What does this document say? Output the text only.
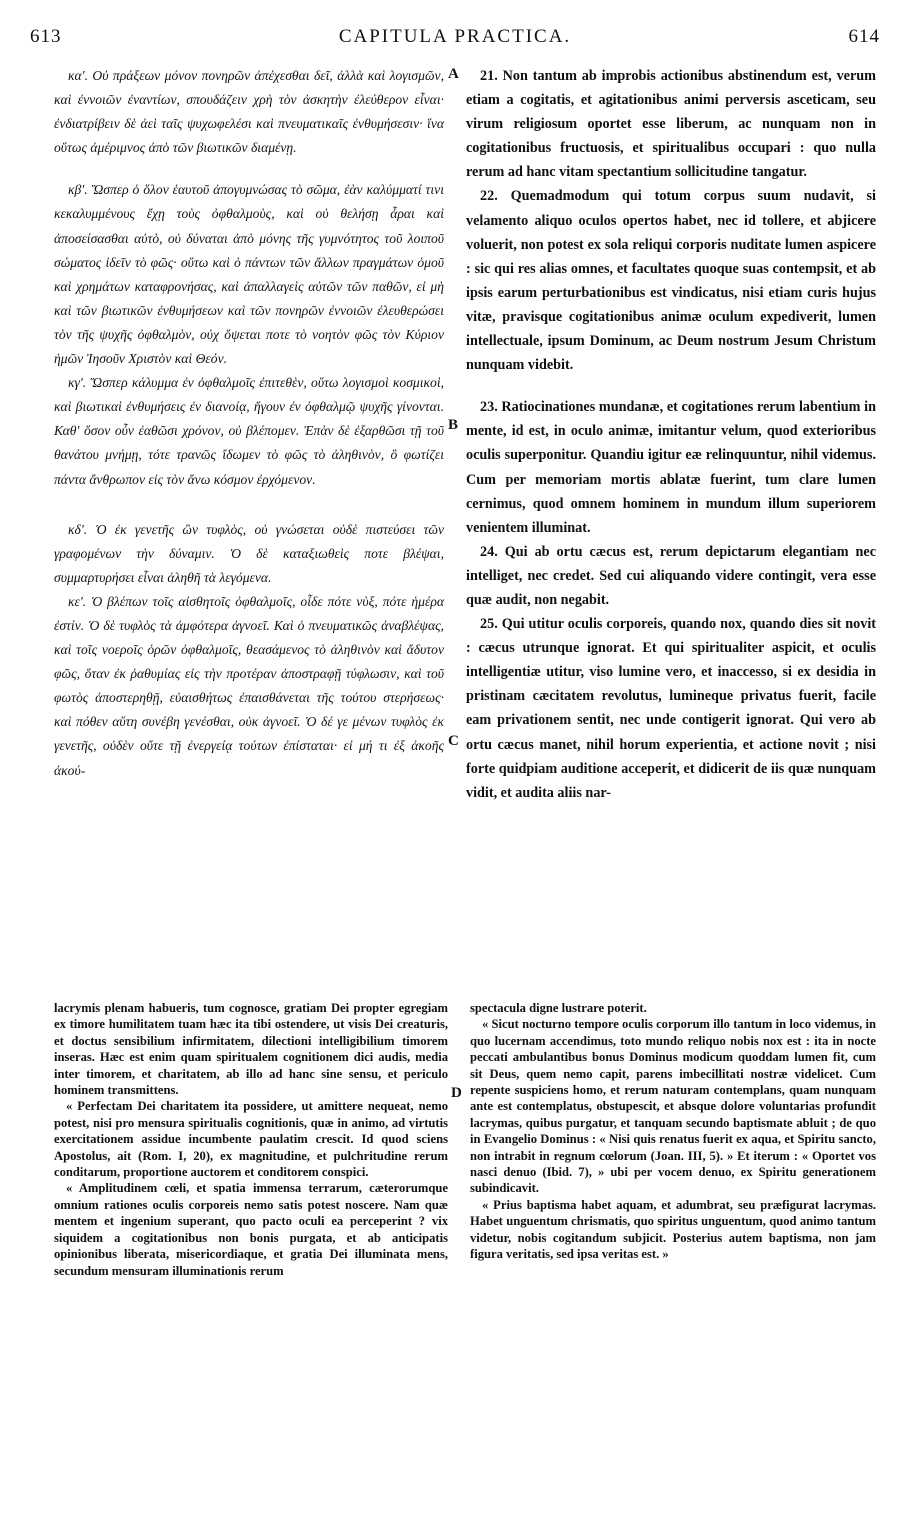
613	CAPITULA PRACTICA.	614

κα'. Οὐ πράξεων μόνον πονηρῶν ἀπέχεσθαι δεῖ, ἀλλὰ καὶ λογισμῶν, καὶ ἐννοιῶν ἐναντίων, σπουδάζειν χρὴ τὸν ἀσκητὴν ἐλεύθερον εἶναι· ἐνδιατρίβειν δὲ ἀεὶ ταῖς ψυχωφελέσι καὶ πνευματικαῖς ἐνθυμήσεσιν· ἵνα οὕτως ἀμέριμνος ἀπὸ τῶν βιωτικῶν διαμένῃ.

κβ'. Ὥσπερ ὁ ὅλον ἑαυτοῦ ἀπογυμνώσας τὸ σῶμα, ἐὰν καλύμματί τινι κεκαλυμμένους ἔχῃ τοὺς ὀφθαλμοὺς, καὶ οὐ θελήσῃ ἆραι καὶ ἀποσείσασθαι αὐτὸ, οὐ δύναται ἀπὸ μόνης τῆς γυμνότητος τοῦ λοιποῦ σώματος ἰδεῖν τὸ φῶς· οὕτω καὶ ὁ πάντων τῶν ἄλλων πραγμάτων ὁμοῦ καὶ χρημάτων καταφρονήσας, καὶ ἀπαλλαγεὶς αὐτῶν τῶν παθῶν, εἰ μὴ καὶ τῶν βιωτικῶν ἐνθυμήσεων καὶ τῶν πονηρῶν ἐννοιῶν ἐλευθερώσει τὸν τῆς ψυχῆς ὀφθαλμὸν, οὐχ ὄψεται ποτε τὸ νοητὸν φῶς τὸν Κύριον ἡμῶν Ἰησοῦν Χριστὸν καὶ Θεόν.

κγ'. Ὥσπερ κάλυμμα ἐν ὀφθαλμοῖς ἐπιτεθὲν, οὕτω λογισμοὶ κοσμικοὶ, καὶ βιωτικαὶ ἐνθυμήσεις ἐν διανοίᾳ, ἤγουν ἐν ὀφθαλμῷ ψυχῆς γίνονται. Καθ' ὅσον οὖν ἐαθῶσι χρόνον, οὐ βλέπομεν. Ἐπὰν δὲ ἐξαρθῶσι τῇ τοῦ θανάτου μνήμῃ, τότε τρανῶς ἴδωμεν τὸ φῶς τὸ ἀληθινὸν, ὃ φωτίζει πάντα ἄνθρωπον εἰς τὸν ἄνω κόσμον ἐρχόμενον.

κδ'. Ὁ ἐκ γενετῆς ὢν τυφλὸς, οὐ γνώσεται οὐδὲ πιστεύσει τῶν γραφομένων τὴν δύναμιν. Ὁ δὲ καταξιωθεὶς ποτε βλέψαι, συμμαρτυρήσει εἶναι ἀληθῆ τὰ λεγόμενα.

κε'. Ὁ βλέπων τοῖς αἰσθητοῖς ὀφθαλμοῖς, οἶδε πότε νὺξ, πότε ἡμέρα ἐστίν. Ὁ δὲ τυφλὸς τὰ ἀμφότερα ἀγνοεῖ. Καὶ ὁ πνευματικῶς ἀναβλέψας, καὶ τοῖς νοεροῖς ὁρῶν ὀφθαλμοῖς, θεασάμενος τὸ ἀληθινὸν καὶ ἄδυτον φῶς, ὅταν ἐκ ῥαθυμίας εἰς τὴν προτέραν ἀποστραφῇ τύφλωσιν, καὶ τοῦ φωτὸς ἀποστερηθῇ, εὐαισθήτως ἐπαισθάνεται τῆς τούτου στερήσεως· καὶ πόθεν αὕτη συνέβη γενέσθαι, οὐκ ἀγνοεῖ. Ὁ δέ γε μένων τυφλὸς ἐκ γενετῆς, οὐδὲν οὔτε τῇ ἐνεργείᾳ τούτων ἐπίσταται· εἰ μή τι ἐξ ἀκοῆς ἀκού-

21. Non tantum ab improbis actionibus abstinendum est, verum etiam a cogitatis, et agitationibus animi perversis asceticam, seu virum religiosum oportet esse liberum, ac nunquam non in cogitationibus fructuosis, et spiritualibus occupari : quo nulla rerum ad hanc vitam spectantium sollicitudine tangatur.

22. Quemadmodum qui totum corpus suum nudavit, si velamento aliquo oculos opertos habet, nec id tollere, et abjicere voluerit, non potest ex sola reliqui corporis nuditate lumen aspicere : sic qui res alias omnes, et facultates quoque suas contempsit, et ab ipsis earum perturbationibus est vindicatus, nisi etiam curis hujus vitæ, pravisque cogitationibus animæ oculum expediverit, lumen intellectuale, ipsum Dominum, ac Deum nostrum Jesum Christum nunquam videbit.

23. Ratiocinationes mundanæ, et cogitationes rerum labentium in mente, id est, in oculo animæ, imitantur velum, quod exterioribus oculis superponitur. Quandiu igitur eæ relinquuntur, nihil videmus. Cum per memoriam mortis ablatæ fuerint, tum clare lumen cernimus, quod omnem hominem in mundum illum superiorem venientem illuminat.

24. Qui ab ortu cæcus est, rerum depictarum elegantiam nec intelliget, nec credet. Sed cui aliquando videre contingit, vera esse quæ audit, non negabit.

25. Qui utitur oculis corporeis, quando nox, quando dies sit novit : cæcus utrunque ignorat. Et qui spiritualiter aspicit, et oculis intelligentiæ utitur, viso lumine vero, et inaccesso, si ex desidia in pristinam cæcitatem revolutus, lumineque privatus fuerit, facile eam privationem sentit, nec unde contigerit ignorat. Qui vero ab ortu cæcus manet, nihil horum experientia, et actione novit ; nisi forte quidpiam auditione acceperit, et didicerit de iis quæ nunquam vidit, et audita aliis nar-

A
B
C
D

lacrymis plenam habueris, tum cognosce, gratiam Dei propter egregiam ex timore humilitatem tuam hæc ita tibi ostendere, ut visis Dei creaturis, et doctus sensibilium infirmitatem, dilectioni intelligibilium timorem inseras. Hæc est enim quam spiritualem cognitionem dici audis, media inter timorem, et charitatem, ab illo ad hanc sine sensu, et periculo hominem transmittens.

« Perfectam Dei charitatem ita possidere, ut amittere nequeat, nemo potest, nisi pro mensura spiritualis cognitionis, quæ in animo, ad virtutis exercitationem assidue incumbente paulatim crescit. Id quod sciens Apostolus, ait (Rom. I, 20), ex magnitudine, et pulchritudine rerum conditarum, proportione auctorem et conditorem conspici.

« Amplitudinem cœli, et spatia immensa terrarum, cæterorumque omnium rationes oculis corporeis nemo satis potest noscere. Nam quæ mentem et ingenium superant, quo pacto oculi ea perceperint ? vix siquidem a cogitationibus non bonis purgata, et ab anticipatis opinionibus liberata, misericordiaque, et gratia Dei illuminata mens, secundum mensuram illuminationis rerum

spectacula digne lustrare poterit.

« Sicut nocturno tempore oculis corporum illo tantum in loco videmus, in quo lucernam accendimus, toto mundo reliquo nobis nox est : ita in nocte peccati ambulantibus bonus Dominus modicum quoddam lumen fit, cum sit Deus, quem nemo capit, parens imbecillitati nostræ videlicet. Cum repente suspiciens homo, et rerum naturam contemplans, quam nunquam ante est contemplatus, obstupescit, et absque dolore voluntarias profundit lacrymas, quibus purgatur, et tanquam secundo baptismate abluit ; de quo in Evangelio Dominus : « Nisi quis renatus fuerit ex aqua, et Spiritu sancto, non intrabit in regnum cœlorum (Joan. III, 5). » Et iterum : « Oportet vos nasci denuo (Ibid. 7), » ubi per vocem denuo, ex Spiritu generationem subindicavit.

« Prius baptisma habet aquam, et adumbrat, seu præfigurat lacrymas. Habet unguentum chrismatis, quo spiritus unguentum, quod animo tantum videtur, nobis cogitandum subjicit. Posterius autem baptisma, non jam figura veritatis, sed ipsa veritas est. »
